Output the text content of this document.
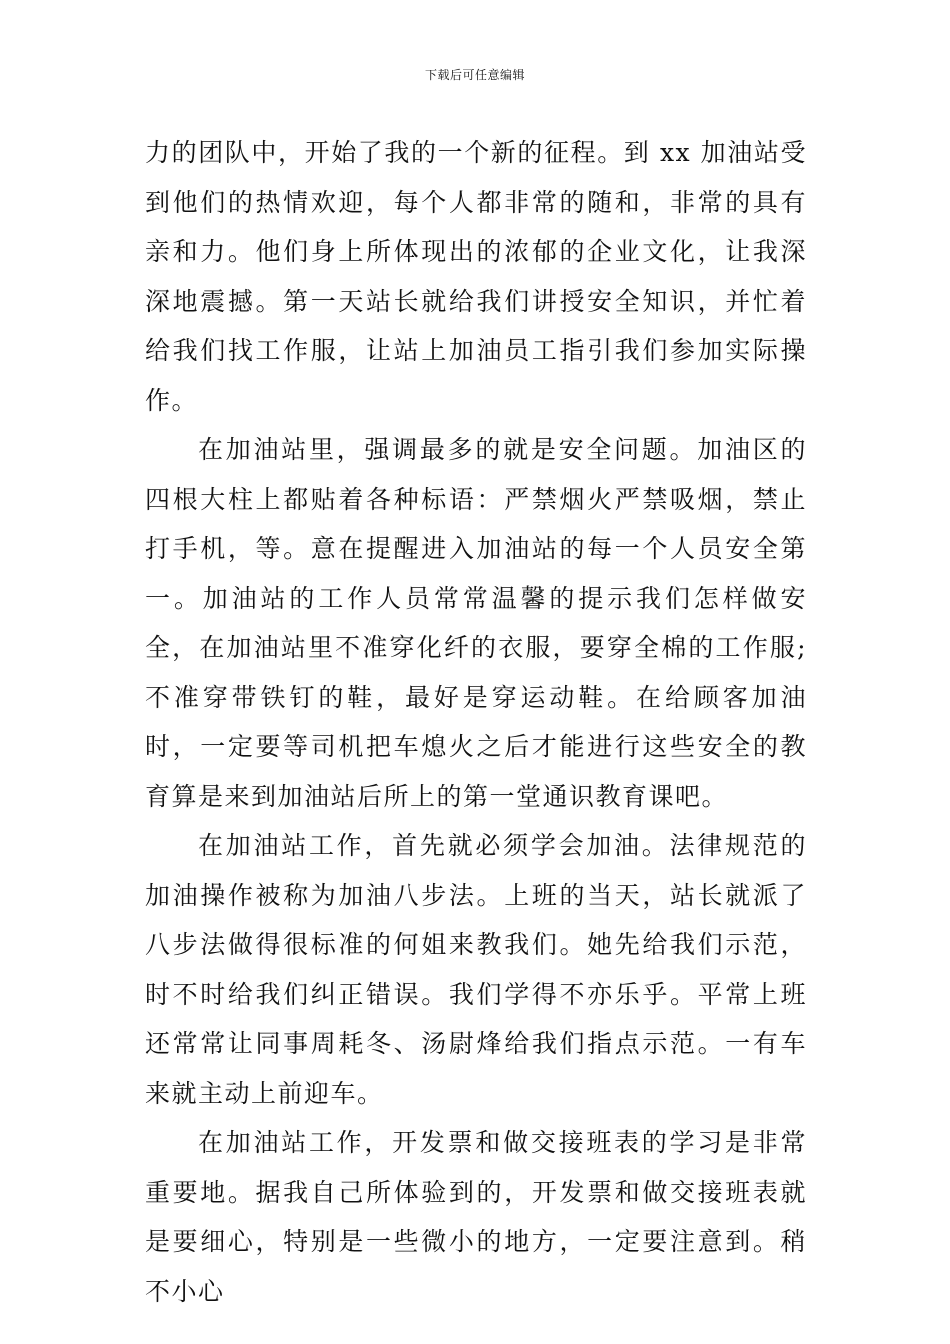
下载后可任意编辑

力的团队中，开始了我的一个新的征程。到 xx 加油站受到他们的热情欢迎，每个人都非常的随和，非常的具有亲和力。他们身上所体现出的浓郁的企业文化，让我深深地震撼。第一天站长就给我们讲授安全知识，并忙着给我们找工作服，让站上加油员工指引我们参加实际操作。

在加油站里，强调最多的就是安全问题。加油区的四根大柱上都贴着各种标语：严禁烟火严禁吸烟，禁止打手机，等。意在提醒进入加油站的每一个人员安全第一。加油站的工作人员常常温馨的提示我们怎样做安全，在加油站里不准穿化纤的衣服，要穿全棉的工作服;不准穿带铁钉的鞋，最好是穿运动鞋。在给顾客加油时，一定要等司机把车熄火之后才能进行这些安全的教育算是来到加油站后所上的第一堂通识教育课吧。

在加油站工作，首先就必须学会加油。法律规范的加油操作被称为加油八步法。上班的当天，站长就派了八步法做得很标准的何姐来教我们。她先给我们示范，时不时给我们纠正错误。我们学得不亦乐乎。平常上班还常常让同事周耗冬、汤尉烽给我们指点示范。一有车来就主动上前迎车。

在加油站工作，开发票和做交接班表的学习是非常重要地。据我自己所体验到的，开发票和做交接班表就是要细心，特别是一些微小的地方，一定要注意到。稍不小心
